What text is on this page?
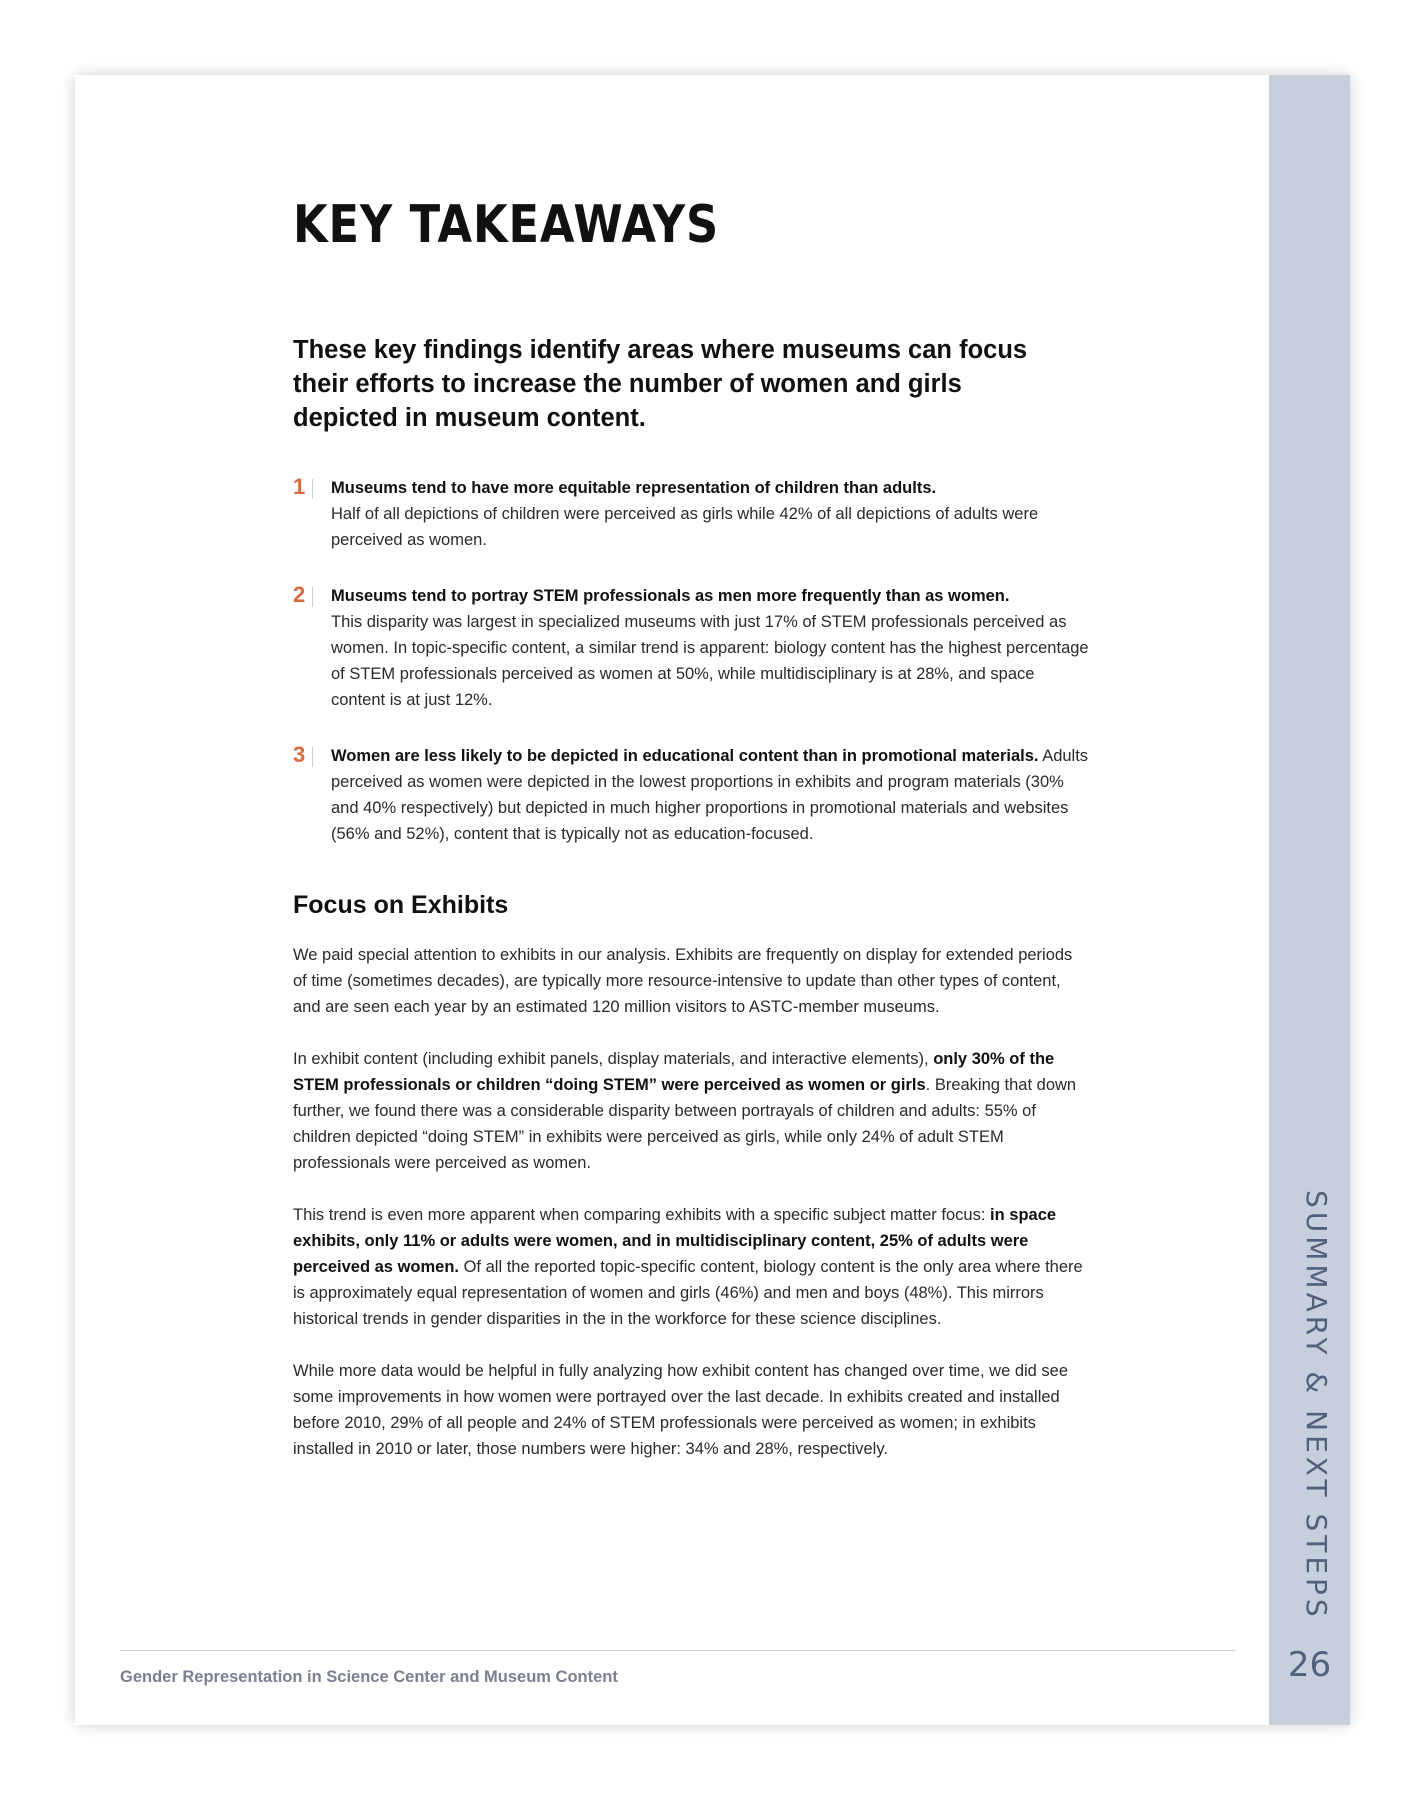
SUMMARY & NEXT STEPS
26
KEY TAKEAWAYS

These key findings identify areas where museums can focus their efforts to increase the number of women and girls depicted in museum content.

1 Museums tend to have more equitable representation of children than adults.
Half of all depictions of children were perceived as girls while 42% of all depictions of adults were perceived as women.
2 Museums tend to portray STEM professionals as men more frequently than as women.
This disparity was largest in specialized museums with just 17% of STEM professionals perceived as women. In topic-specific content, a similar trend is apparent: biology content has the highest percentage of STEM professionals perceived as women at 50%, while multidisciplinary is at 28%, and space content is at just 12%.
3 Women are less likely to be depicted in educational content than in promotional materials. Adults perceived as women were depicted in the lowest proportions in exhibits and program materials (30% and 40% respectively) but depicted in much higher proportions in promotional materials and websites (56% and 52%), content that is typically not as education-focused.
Focus on Exhibits

We paid special attention to exhibits in our analysis. Exhibits are frequently on display for extended periods of time (sometimes decades), are typically more resource-intensive to update than other types of content, and are seen each year by an estimated 120 million visitors to ASTC-member museums.

In exhibit content (including exhibit panels, display materials, and interactive elements), only 30% of the STEM professionals or children “doing STEM” were perceived as women or girls. Breaking that down further, we found there was a considerable disparity between portrayals of children and adults: 55% of children depicted “doing STEM” in exhibits were perceived as girls, while only 24% of adult STEM professionals were perceived as women.

This trend is even more apparent when comparing exhibits with a specific subject matter focus: in space exhibits, only 11% or adults were women, and in multidisciplinary content, 25% of adults were perceived as women. Of all the reported topic-specific content, biology content is the only area where there is approximately equal representation of women and girls (46%) and men and boys (48%). This mirrors historical trends in gender disparities in the in the workforce for these science disciplines.

While more data would be helpful in fully analyzing how exhibit content has changed over time, we did see some improvements in how women were portrayed over the last decade. In exhibits created and installed before 2010, 29% of all people and 24% of STEM professionals were perceived as women; in exhibits installed in 2010 or later, those numbers were higher: 34% and 28%, respectively.

Gender Representation in Science Center and Museum Content
